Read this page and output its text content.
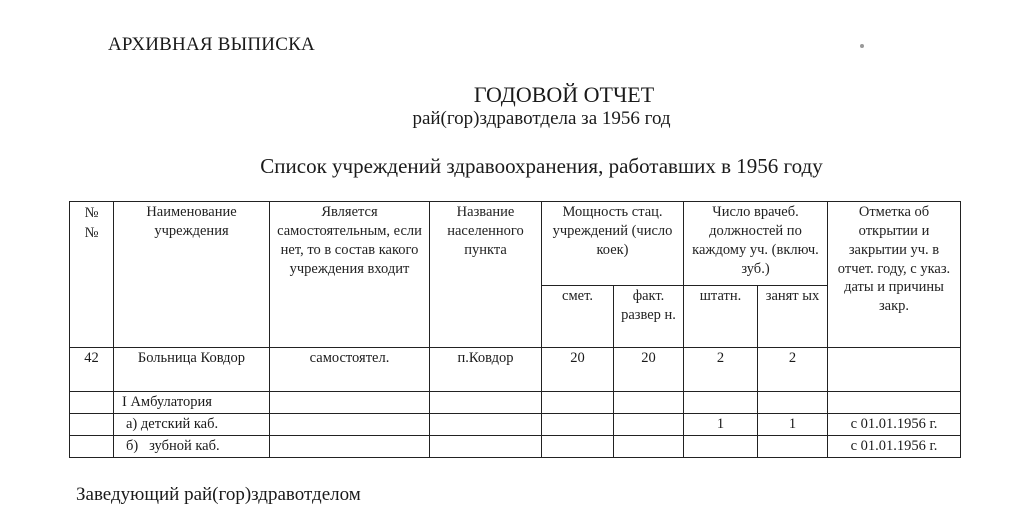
АРХИВНАЯ ВЫПИСКА
ГОДОВОЙ ОТЧЕТ
рай(гор)здравотдела за 1956 год
Список учреждений здравоохранения, работавших в 1956 году
№ №	Наименование учреждения	Является самостоятельным, если нет, то в состав какого учреждения входит	Название населенного пункта	Мощность стац. учреждений (число коек)		Число врачеб. должностей по каждому уч. (включ. зуб.)		Отметка об открытии и закрытии уч. в отчет. году, с указ. даты и причины закр.
				смет.	факт. развер н.	штатн.	занят ых	
42	Больница Ковдор	самостоятел.	п.Ковдор	20	20	2	2	
	I Амбулатория							
	а) детский каб.					1	1	с 01.01.1956 г.
	б)   зубной каб.							с 01.01.1956 г.
Заведующий рай(гор)здравотделом
